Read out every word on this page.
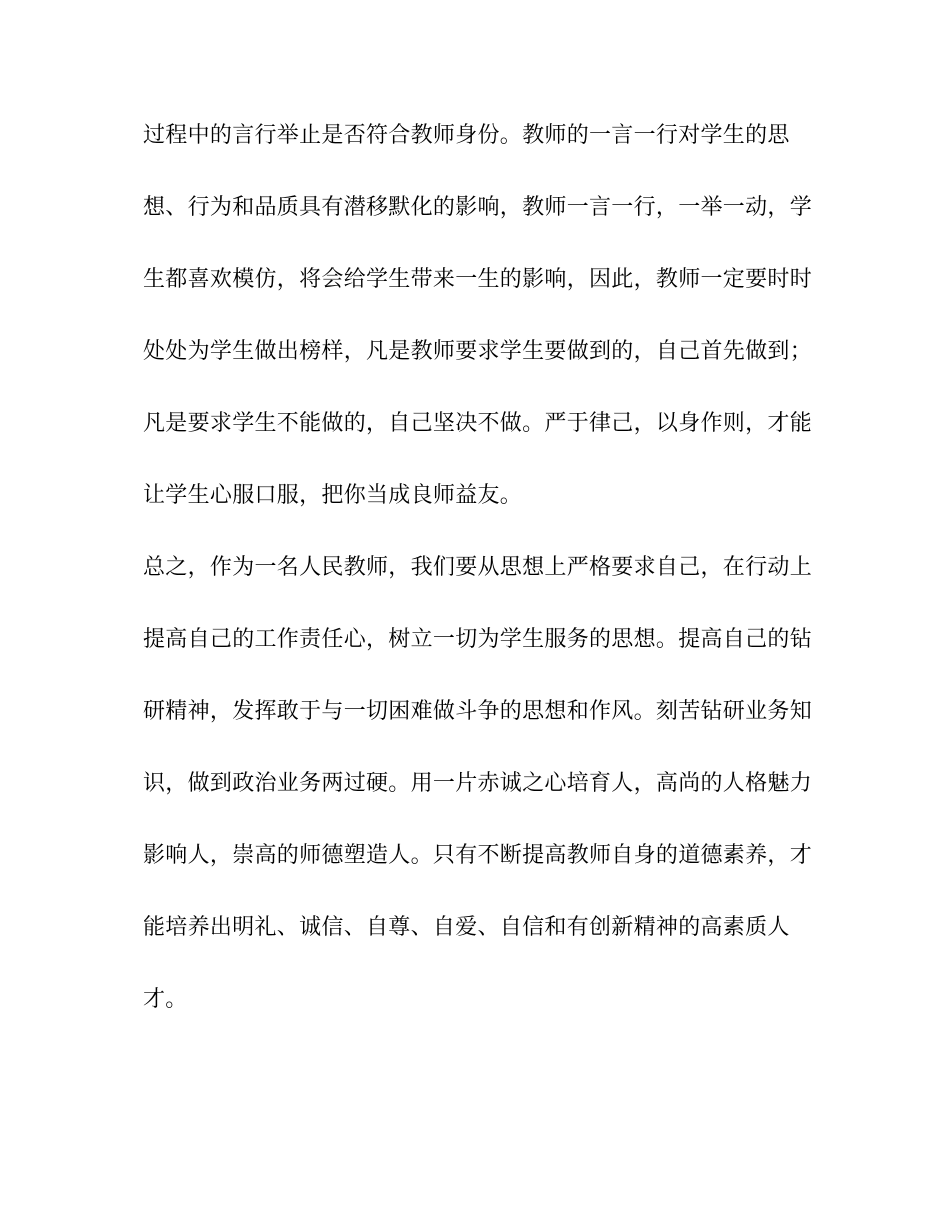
过程中的言行举止是否符合教师身份。教师的一言一行对学生的思
想、行为和品质具有潜移默化的影响，教师一言一行，一举一动，学
生都喜欢模仿，将会给学生带来一生的影响，因此，教师一定要时时
处处为学生做出榜样，凡是教师要求学生要做到的，自己首先做到；
凡是要求学生不能做的，自己坚决不做。严于律己，以身作则，才能
让学生心服口服，把你当成良师益友。
总之，作为一名人民教师，我们要从思想上严格要求自己，在行动上
提高自己的工作责任心，树立一切为学生服务的思想。提高自己的钻
研精神，发挥敢于与一切困难做斗争的思想和作风。刻苦钻研业务知
识，做到政治业务两过硬。用一片赤诚之心培育人，高尚的人格魅力
影响人，崇高的师德塑造人。只有不断提高教师自身的道德素养，才
能培养出明礼、诚信、自尊、自爱、自信和有创新精神的高素质人
才。
